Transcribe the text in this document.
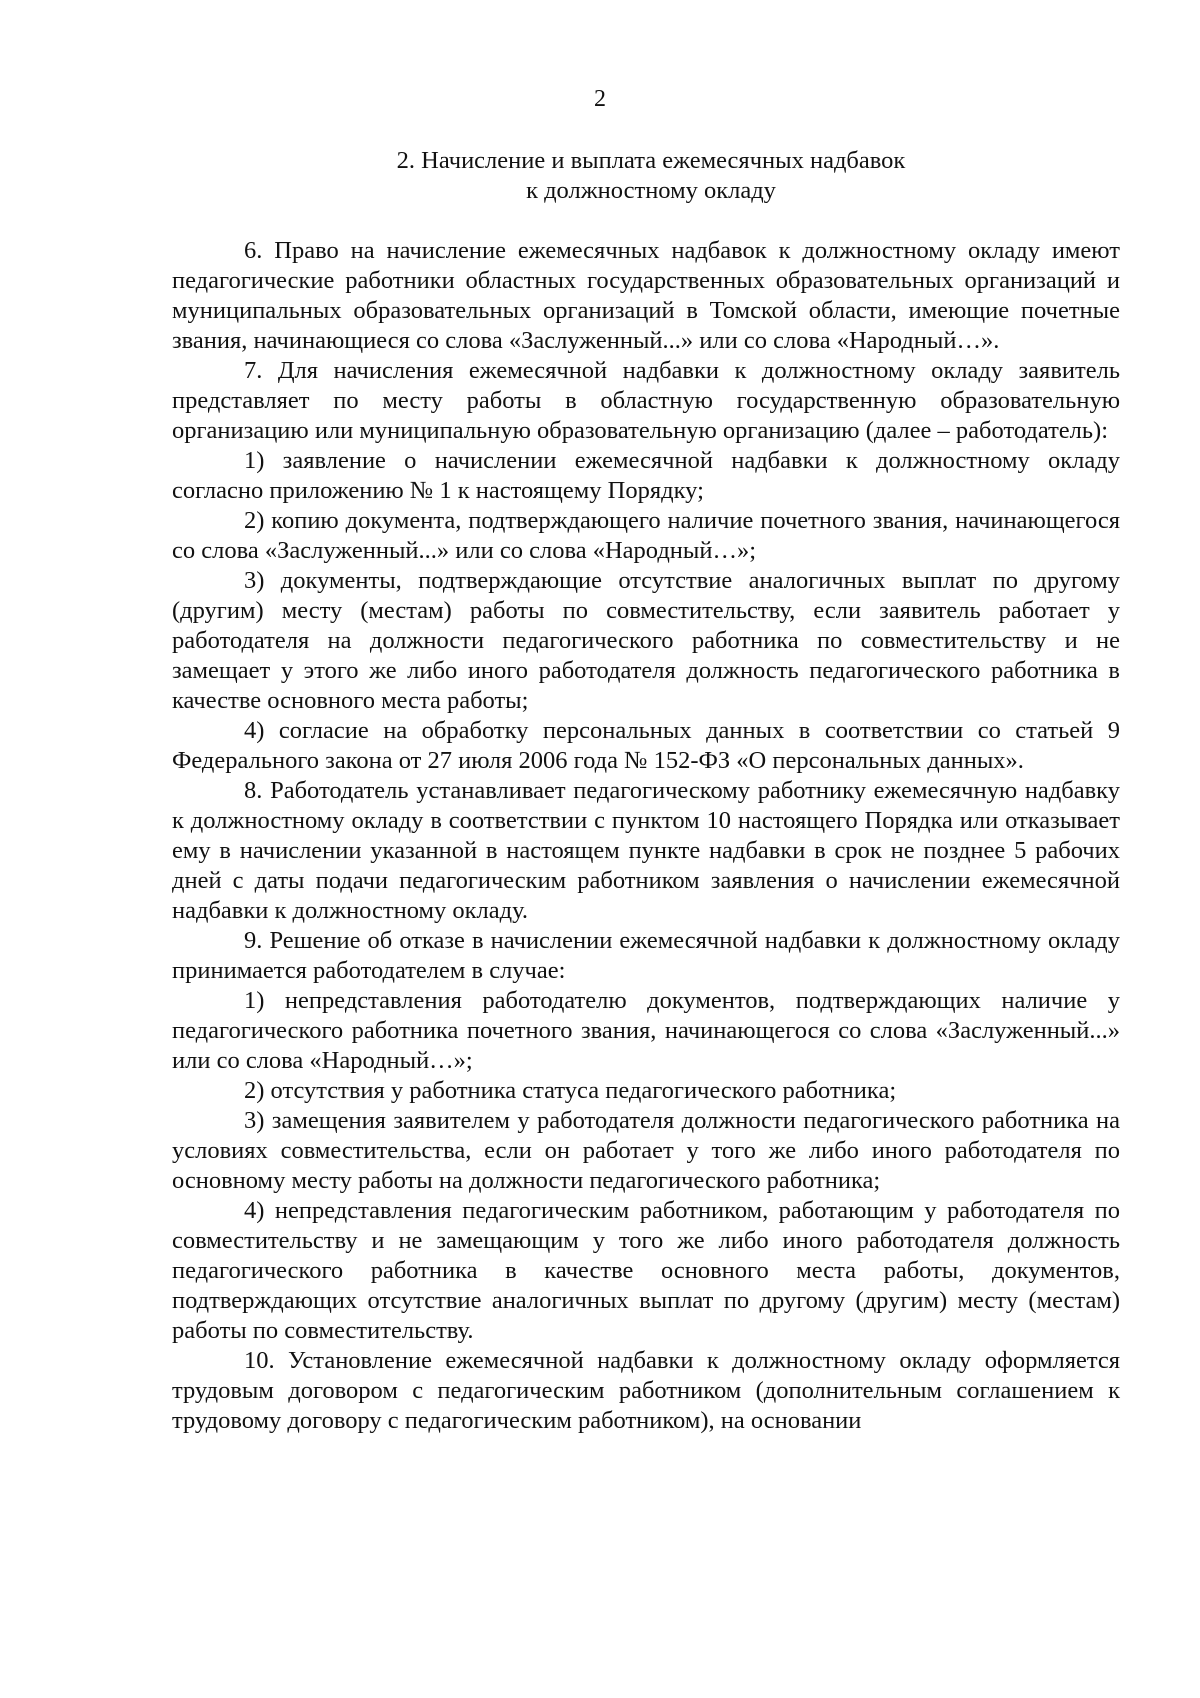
2
2. Начисление и выплата ежемесячных надбавок
к должностному окладу

6. Право на начисление ежемесячных надбавок к должностному окладу имеют педагогические работники областных государственных образовательных организаций и муниципальных образовательных организаций в Томской области, имеющие почетные звания, начинающиеся со слова «Заслуженный...» или со слова «Народный…».

7. Для начисления ежемесячной надбавки к должностному окладу заявитель представляет по месту работы в областную государственную образовательную организацию или муниципальную образовательную организацию (далее – работодатель):

1) заявление о начислении ежемесячной надбавки к должностному окладу согласно приложению № 1 к настоящему Порядку;

2) копию документа, подтверждающего наличие почетного звания, начинающегося со слова «Заслуженный...» или со слова «Народный…»;

3) документы, подтверждающие отсутствие аналогичных выплат по другому (другим) месту (местам) работы по совместительству, если заявитель работает у работодателя на должности педагогического работника по совместительству и не замещает у этого же либо иного работодателя должность педагогического работника в качестве основного места работы;

4) согласие на обработку персональных данных в соответствии со статьей 9 Федерального закона от 27 июля 2006 года № 152-ФЗ «О персональных данных».

8. Работодатель устанавливает педагогическому работнику ежемесячную надбавку к должностному окладу в соответствии с пунктом 10 настоящего Порядка или отказывает ему в начислении указанной в настоящем пункте надбавки в срок не позднее 5 рабочих дней с даты подачи педагогическим работником заявления о начислении ежемесячной надбавки к должностному окладу.

9. Решение об отказе в начислении ежемесячной надбавки к должностному окладу принимается работодателем в случае:

1) непредставления работодателю документов, подтверждающих наличие у педагогического работника почетного звания, начинающегося со слова «Заслуженный...» или со слова «Народный…»;

2) отсутствия у работника статуса педагогического работника;

3) замещения заявителем у работодателя должности педагогического работника на условиях совместительства, если он работает у того же либо иного работодателя по основному месту работы на должности педагогического работника;

4) непредставления педагогическим работником, работающим у работодателя по совместительству и не замещающим у того же либо иного работодателя должность педагогического работника в качестве основного места работы, документов, подтверждающих отсутствие аналогичных выплат по другому (другим) месту (местам) работы по совместительству.

10. Установление ежемесячной надбавки к должностному окладу оформляется трудовым договором с педагогическим работником (дополнительным соглашением к трудовому договору с педагогическим работником), на основании
